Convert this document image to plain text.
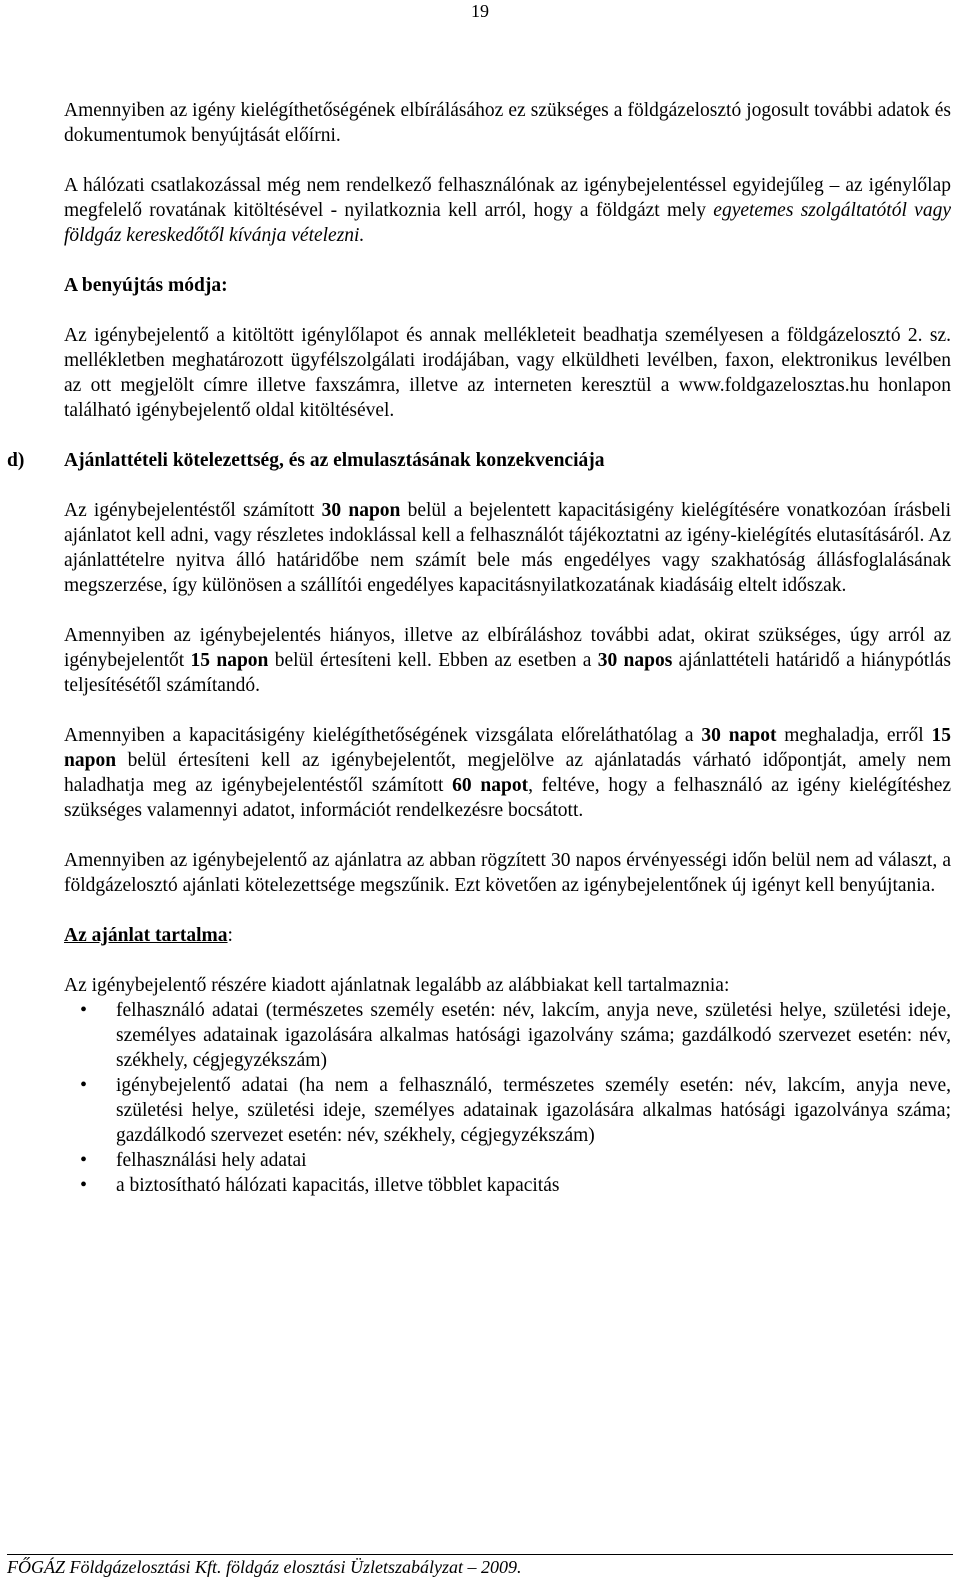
19

Amennyiben az igény kielégíthetőségének elbírálásához ez szükséges a földgázelosztó jogosult további adatok és dokumentumok benyújtását előírni.

A hálózati csatlakozással még nem rendelkező felhasználónak az igénybejelentéssel egyidejűleg – az igénylőlap megfelelő rovatának kitöltésével - nyilatkoznia kell arról, hogy a földgázt mely egyetemes szolgáltatótól vagy földgáz kereskedőtől kívánja vételezni.

A benyújtás módja:

Az igénybejelentő a kitöltött igénylőlapot és annak mellékleteit beadhatja személyesen a földgázelosztó 2. sz. mellékletben meghatározott ügyfélszolgálati irodájában, vagy elküldheti levélben, faxon, elektronikus levélben az ott megjelölt címre illetve faxszámra, illetve az interneten keresztül a www.foldgazelosztas.hu honlapon található igénybejelentő oldal kitöltésével.

d) Ajánlattételi kötelezettség, és az elmulasztásának konzekvenciája

Az igénybejelentéstől számított 30 napon belül a bejelentett kapacitásigény kielégítésére vonatkozóan írásbeli ajánlatot kell adni, vagy részletes indoklással kell a felhasználót tájékoztatni az igény-kielégítés elutasításáról. Az ajánlattételre nyitva álló határidőbe nem számít bele más engedélyes vagy szakhatóság állásfoglalásának megszerzése, így különösen a szállítói engedélyes kapacitásnyilatkozatának kiadásáig eltelt időszak.

Amennyiben az igénybejelentés hiányos, illetve az elbíráláshoz további adat, okirat szükséges, úgy arról az igénybejelentőt 15 napon belül értesíteni kell. Ebben az esetben a 30 napos ajánlattételi határidő a hiánypótlás teljesítésétől számítandó.

Amennyiben a kapacitásigény kielégíthetőségének vizsgálata előreláthatólag a 30 napot meghaladja, erről 15 napon belül értesíteni kell az igénybejelentőt, megjelölve az ajánlatadás várható időpontját, amely nem haladhatja meg az igénybejelentéstől számított 60 napot, feltéve, hogy a felhasználó az igény kielégítéshez szükséges valamennyi adatot, információt rendelkezésre bocsátott.

Amennyiben az igénybejelentő az ajánlatra az abban rögzített 30 napos érvényességi időn belül nem ad választ, a földgázelosztó ajánlati kötelezettsége megszűnik. Ezt követően az igénybejelentőnek új igényt kell benyújtania.

Az ajánlat tartalma:

Az igénybejelentő részére kiadott ajánlatnak legalább az alábbiakat kell tartalmaznia:

• felhasználó adatai (természetes személy esetén: név, lakcím, anyja neve, születési helye, születési ideje, személyes adatainak igazolására alkalmas hatósági igazolvány száma; gazdálkodó szervezet esetén: név, székhely, cégjegyzékszám)
• igénybejelentő adatai (ha nem a felhasználó, természetes személy esetén: név, lakcím, anyja neve, születési helye, születési ideje, személyes adatainak igazolására alkalmas hatósági igazolványa száma; gazdálkodó szervezet esetén: név, székhely, cégjegyzékszám)
• felhasználási hely adatai
• a biztosítható hálózati kapacitás, illetve többlet kapacitás
FŐGÁZ Földgázelosztási Kft. földgáz elosztási Üzletszabályzat – 2009.
